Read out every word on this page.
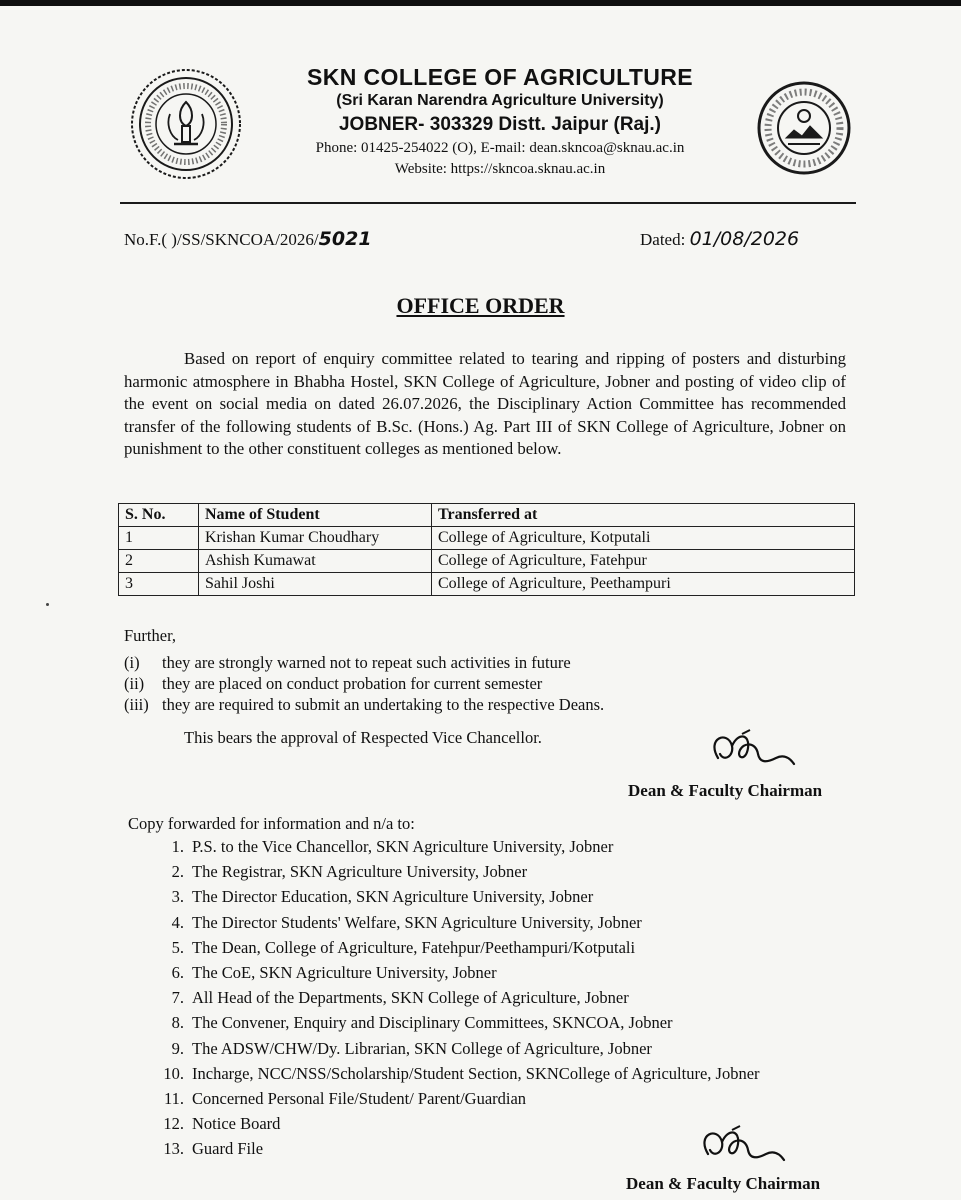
SKN COLLEGE OF AGRICULTURE
(Sri Karan Narendra Agriculture University)
JOBNER- 303329 Distt. Jaipur (Raj.)
Phone: 01425-254022 (O), E-mail: dean.skncoa@sknau.ac.in
Website: https://skncoa.sknau.ac.in
No.F.( )/SS/SKNCOA/2026/5021	Dated: 01/08/2026
OFFICE ORDER

Based on report of enquiry committee related to tearing and ripping of posters and disturbing harmonic atmosphere in Bhabha Hostel, SKN College of Agriculture, Jobner and posting of video clip of the event on social media on dated 26.07.2026, the Disciplinary Action Committee has recommended transfer of the following students of B.Sc. (Hons.) Ag. Part III of SKN College of Agriculture, Jobner on punishment to the other constituent colleges as mentioned below.

S. No.	Name of Student	Transferred at
1	Krishan Kumar Choudhary	College of Agriculture, Kotputali
2	Ashish Kumawat	College of Agriculture, Fatehpur
3	Sahil Joshi	College of Agriculture, Peethampuri
Further,
(i) they are strongly warned not to repeat such activities in future
(ii) they are placed on conduct probation for current semester
(iii) they are required to submit an undertaking to the respective Deans.
This bears the approval of Respected Vice Chancellor.
Dean & Faculty Chairman
Copy forwarded for information and n/a to:
1. P.S. to the Vice Chancellor, SKN Agriculture University, Jobner
2. The Registrar, SKN Agriculture University, Jobner
3. The Director Education, SKN Agriculture University, Jobner
4. The Director Students' Welfare, SKN Agriculture University, Jobner
5. The Dean, College of Agriculture, Fatehpur/Peethampuri/Kotputali
6. The CoE, SKN Agriculture University, Jobner
7. All Head of the Departments, SKN College of Agriculture, Jobner
8. The Convener, Enquiry and Disciplinary Committees, SKNCOA, Jobner
9. The ADSW/CHW/Dy. Librarian, SKN College of Agriculture, Jobner
10. Incharge, NCC/NSS/Scholarship/Student Section, SKNCollege of Agriculture, Jobner
11. Concerned Personal File/Student/ Parent/Guardian
12. Notice Board
13. Guard File
Dean & Faculty Chairman
